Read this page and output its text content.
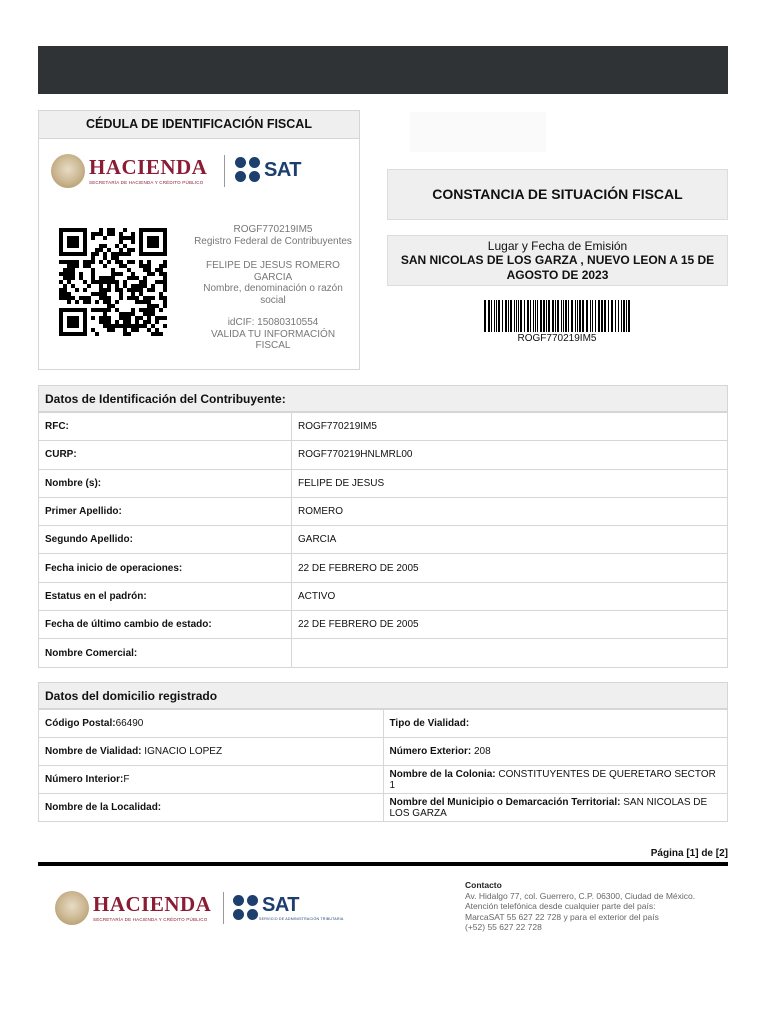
CÉDULA DE IDENTIFICACIÓN FISCAL
HACIENDA
SECRETARÍA DE HACIENDA Y CRÉDITO PÚBLICO
SAT

ROGF770219IM5

Registro Federal de Contribuyentes

FELIPE DE JESUS ROMERO GARCIA

Nombre, denominación o razón social

idCIF: 15080310554

VALIDA TU INFORMACIÓN FISCAL

CONSTANCIA DE SITUACIÓN FISCAL
Lugar y Fecha de Emisión
SAN NICOLAS DE LOS GARZA , NUEVO LEON A 15 DE AGOSTO DE 2023
ROGF770219IM5
Datos de Identificación del Contribuyente:
RFC:	ROGF770219IM5
CURP:	ROGF770219HNLMRL00
Nombre (s):	FELIPE DE JESUS
Primer Apellido:	ROMERO
Segundo Apellido:	GARCIA
Fecha inicio de operaciones:	22 DE FEBRERO DE 2005
Estatus en el padrón:	ACTIVO
Fecha de último cambio de estado:	22 DE FEBRERO DE 2005
Nombre Comercial:	
Datos del domicilio registrado
Código Postal:66490	Tipo de Vialidad:
Nombre de Vialidad: IGNACIO LOPEZ	Número Exterior: 208
Número Interior:F	Nombre de la Colonia: CONSTITUYENTES DE QUERETARO SECTOR 1
Nombre de la Localidad:	Nombre del Municipio o Demarcación Territorial: SAN NICOLAS DE LOS GARZA
Página [1] de [2]
HACIENDA
SECRETARÍA DE HACIENDA Y CRÉDITO PÚBLICO
SAT
SERVICIO DE ADMINISTRACIÓN TRIBUTARIA

Contacto

Av. Hidalgo 77, col. Guerrero, C.P. 06300, Ciudad de México.

Atención telefónica desde cualquier parte del país:

MarcaSAT 55 627 22 728 y para el exterior del país

(+52) 55 627 22 728
